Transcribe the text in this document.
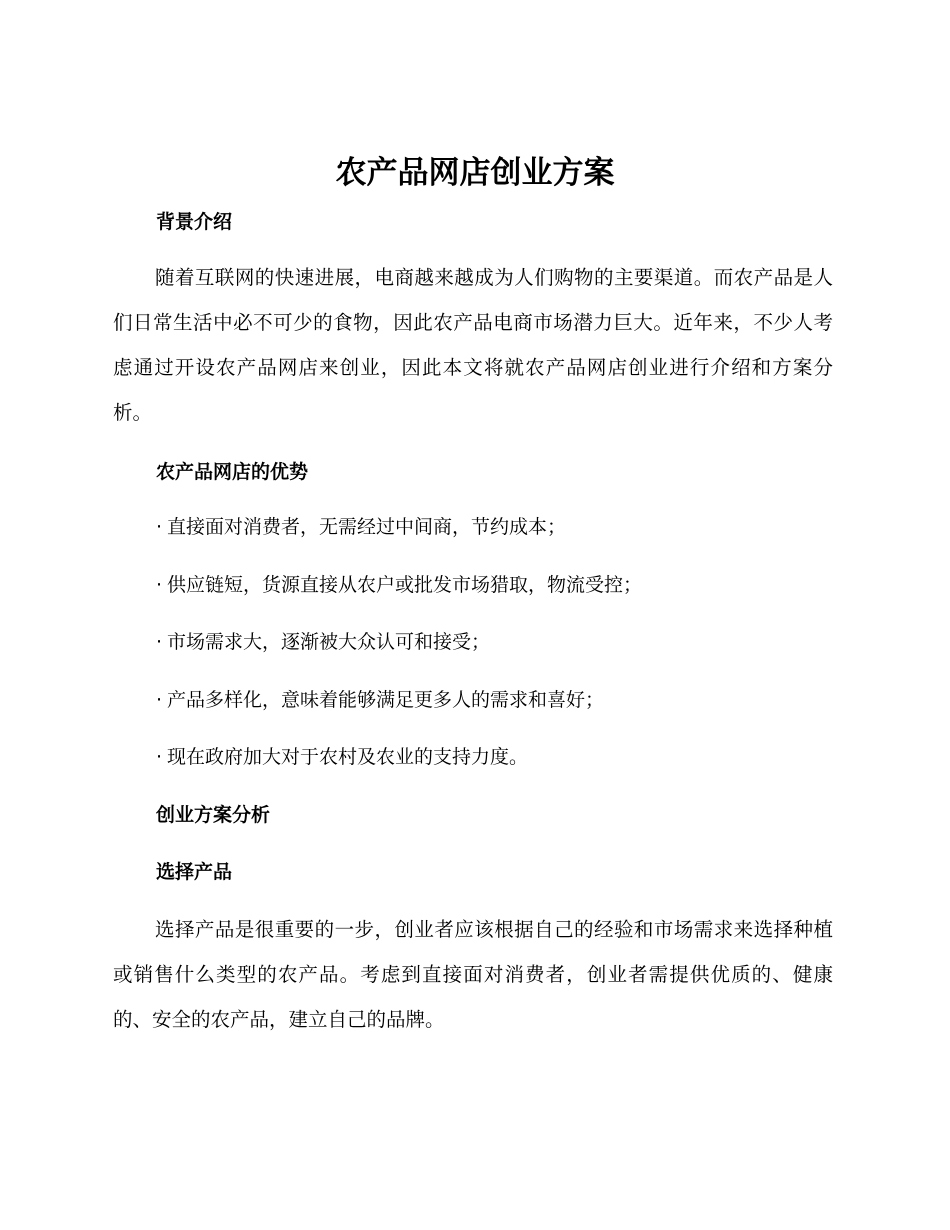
农产品网店创业方案
背景介绍

随着互联网的快速进展，电商越来越成为人们购物的主要渠道。而农产品是人们日常生活中必不可少的食物，因此农产品电商市场潜力巨大。近年来，不少人考虑通过开设农产品网店来创业，因此本文将就农产品网店创业进行介绍和方案分析。

农产品网店的优势
· 直接面对消费者，无需经过中间商，节约成本；
· 供应链短，货源直接从农户或批发市场猎取，物流受控；
· 市场需求大，逐渐被大众认可和接受；
· 产品多样化，意味着能够满足更多人的需求和喜好；
· 现在政府加大对于农村及农业的支持力度。
创业方案分析
选择产品

选择产品是很重要的一步，创业者应该根据自己的经验和市场需求来选择种植或销售什么类型的农产品。考虑到直接面对消费者，创业者需提供优质的、健康的、安全的农产品，建立自己的品牌。
